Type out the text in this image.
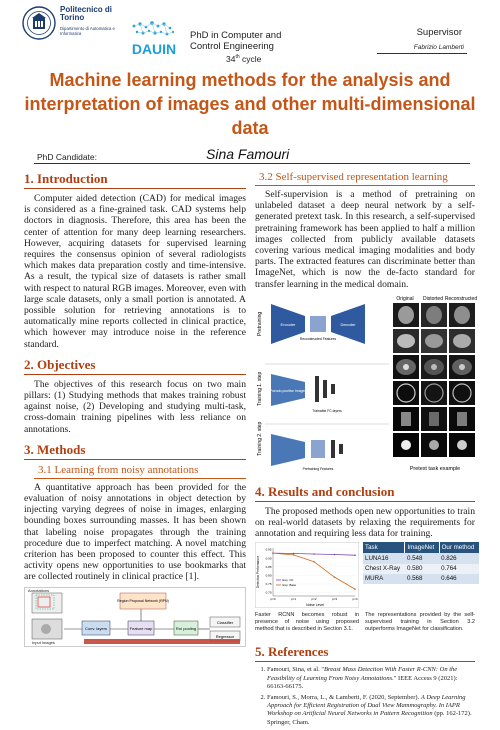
Politecnico di Torino
Dipartimento di Automatica e Informatica
DAUIN
PhD in Computer and Control Engineering
34th cycle
Supervisor
Fabrizio Lamberti
Machine learning methods for the analysis and interpretation of images and other multi-dimensional data
PhD Candidate:	Sina Famouri
1. Introduction

Computer aided detection (CAD) for medical images is considered as a fine-grained task. CAD systems help doctors in diagnosis. Therefore, this area has been the center of attention for many deep learning researchers. However, acquiring datasets for supervised learning requires the consensus opinion of several radiologists which makes data preparation costly and time-intensive. As a result, the typical size of datasets is rather small with respect to natural RGB images. Moreover, even with large scale datasets, only a small portion is annotated. A possible solution for retrieving annotations is to automatically mine reports collected in clinical practice, which however may introduce noise in the reference standard.

2. Objectives

The objectives of this research focus on two main pillars: (1) Studying methods that makes training robust against noise, (2) Developing and studying multi-task, cross-domain training pipelines with less reliance on annotations.

3. Methods
3.1 Learning from noisy annotations

A quantitative approach has been provided for the evaluation of noisy annotations in object detection by injecting varying degrees of noise in images, enlarging bounding boxes surrounding masses. It has been shown that labeling noise propagates through the training procedure due to imperfect matching. A novel matching criterion has been proposed to counter this effect. This activity opens new opportunities to use bookmarks that are collected routinely in clinical practice [1].

Annotations
Input images
Conv. layers	Feature map
Region Proposal Network (RPN)
RoI pooling
Classifier
Regressor
3.2 Self-supervised representation learning

Self-supervision is a method of pretraining on unlabeled dataset a deep neural network by a self-generated pretext task. In this research, a self-supervised pretraining framework has been applied to half a million images collected from publicly available datasets covering various medical imaging modalities and body parts. The extracted features can discriminate better than ImageNet, which is now the de-facto standard for transfer learning in the medical domain.

Pretraining
Training 1. step
Training 2. step
Encoder
Reconstructed Features
Decoder
Pseudo-positive Images
Trainable FC layers
Pretraining Features
Original Distorted Reconstructed
Pretext task example
4. Results and conclusion

The proposed methods open new opportunities to train on real-world datasets by relaxing the requirements for annotation and requiring less data for training.

Detection Performance
Noise Level
0.95
0.90
0.85
0.80
0.75
0.70
p=0	p=1	p=2	p=3	p=4
Exp. Ori
Exp. Base
Faster RCNN becomes robust in presence of noise using proposed method that is described in Section 3.1.
Task	ImageNet	Our method
LUNA16	0.548	0.826
Chest X-Ray	0.580	0.764
MURA	0.568	0.646
The representations provided by the self-supervised training in Section 3.2 outperforms ImageNet for classification.
5. References
1. Famouri, Sina, et al. "Breast Mass Detection With Faster R-CNN: On the Feasibility of Learning From Noisy Annotations." IEEE Access 9 (2021): 66163-66175.
2. Famouri, S., Morra, L., & Lamberti, F. (2020, September). A Deep Learning Approach for Efficient Registration of Dual View Mammography. In IAPR Workshop on Artificial Neural Networks in Pattern Recognition (pp. 162-172). Springer, Cham.
